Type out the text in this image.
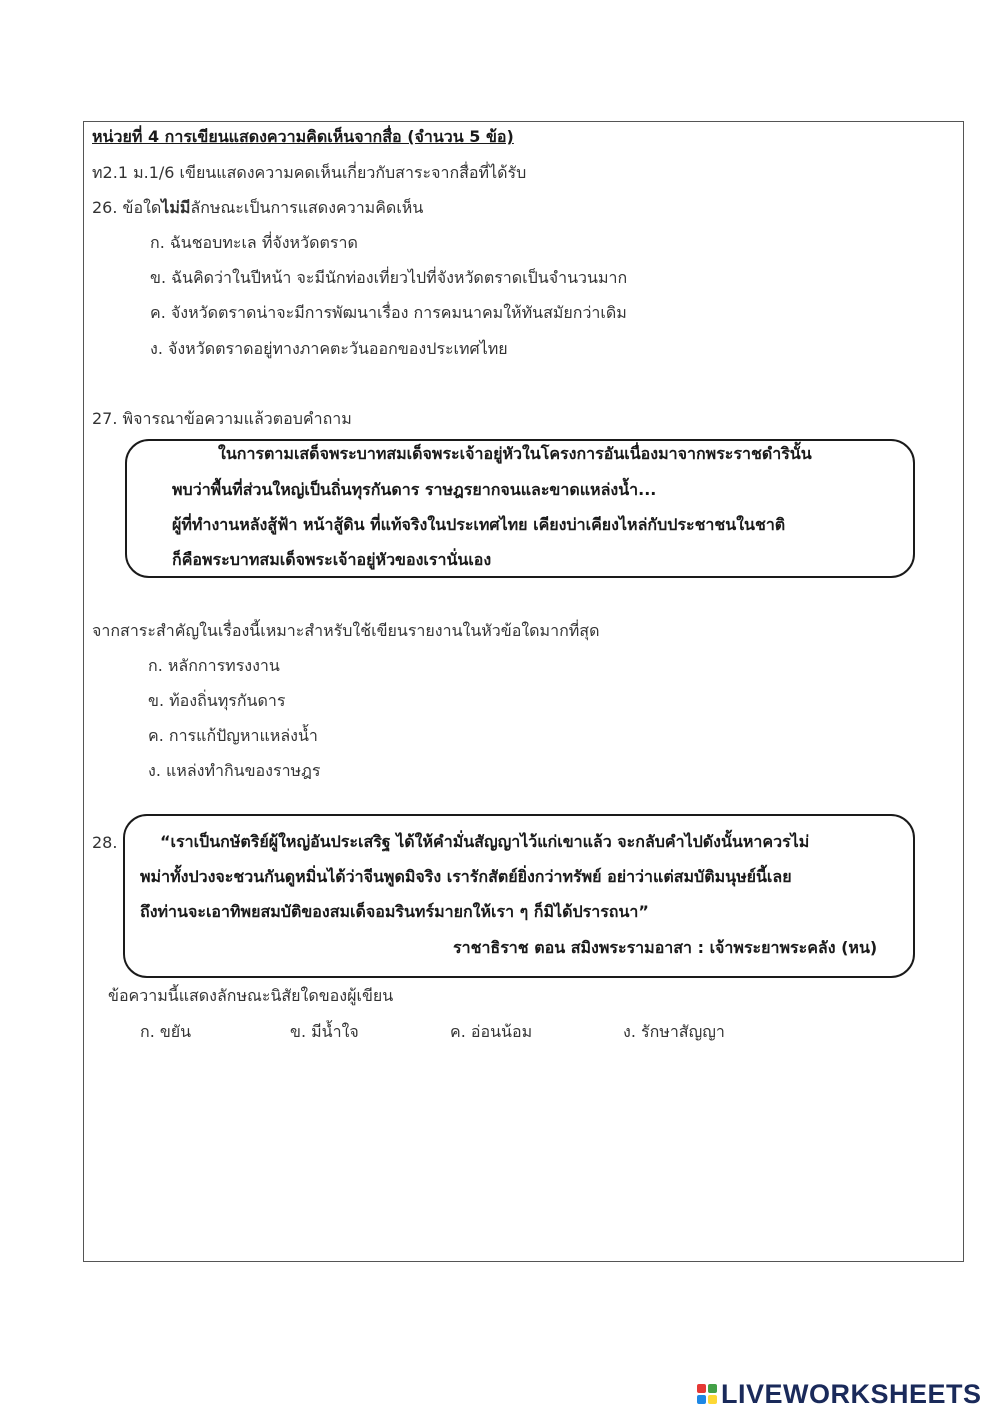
หน่วยที่ 4 การเขียนแสดงความคิดเห็นจากสื่อ (จำนวน 5 ข้อ)
ท2.1 ม.1/6 เขียนแสดงความคดเห็นเกี่ยวกับสาระจากสื่อที่ได้รับ
26. ข้อใดไม่มีลักษณะเป็นการแสดงความคิดเห็น
ก. ฉันชอบทะเล ที่จังหวัดตราด
ข. ฉันคิดว่าในปีหน้า จะมีนักท่องเที่ยวไปที่จังหวัดตราดเป็นจำนวนมาก
ค. จังหวัดตราดน่าจะมีการพัฒนาเรื่อง การคมนาคมให้ทันสมัยกว่าเดิม
ง. จังหวัดตราดอยู่ทางภาคตะวันออกของประเทศไทย
27. พิจารณาข้อความแล้วตอบคำถาม
ในการตามเสด็จพระบาทสมเด็จพระเจ้าอยู่หัวในโครงการอันเนื่องมาจากพระราชดำรินั้น
พบว่าพื้นที่ส่วนใหญ่เป็นถิ่นทุรกันดาร ราษฎรยากจนและขาดแหล่งน้ำ...
ผู้ที่ทำงานหลังสู้ฟ้า หน้าสู้ดิน ที่แท้จริงในประเทศไทย เคียงบ่าเคียงไหล่กับประชาชนในชาติ
ก็คือพระบาทสมเด็จพระเจ้าอยู่หัวของเรานั่นเอง
จากสาระสำคัญในเรื่องนี้เหมาะสำหรับใช้เขียนรายงานในหัวข้อใดมากที่สุด
ก. หลักการทรงงาน
ข. ท้องถิ่นทุรกันดาร
ค. การแก้ปัญหาแหล่งน้ำ
ง. แหล่งทำกินของราษฎร
28.	“เราเป็นกษัตริย์ผู้ใหญ่อันประเสริฐ ได้ให้คำมั่นสัญญาไว้แก่เขาแล้ว จะกลับคำไปดังนั้นหาควรไม่
พม่าทั้งปวงจะชวนกันดูหมิ่นได้ว่าจีนพูดมิจริง เรารักสัตย์ยิ่งกว่าทรัพย์ อย่าว่าแต่สมบัติมนุษย์นี้เลย
ถึงท่านจะเอาทิพยสมบัติของสมเด็จอมรินทร์มายกให้เรา ๆ ก็มิได้ปรารถนา”
ราชาธิราช ตอน สมิงพระรามอาสา : เจ้าพระยาพระคลัง (หน)
ข้อความนี้แสดงลักษณะนิสัยใดของผู้เขียน
ก. ขยัน	ข. มีน้ำใจ	ค. อ่อนน้อม	ง. รักษาสัญญา
LIVEWORKSHEETS
